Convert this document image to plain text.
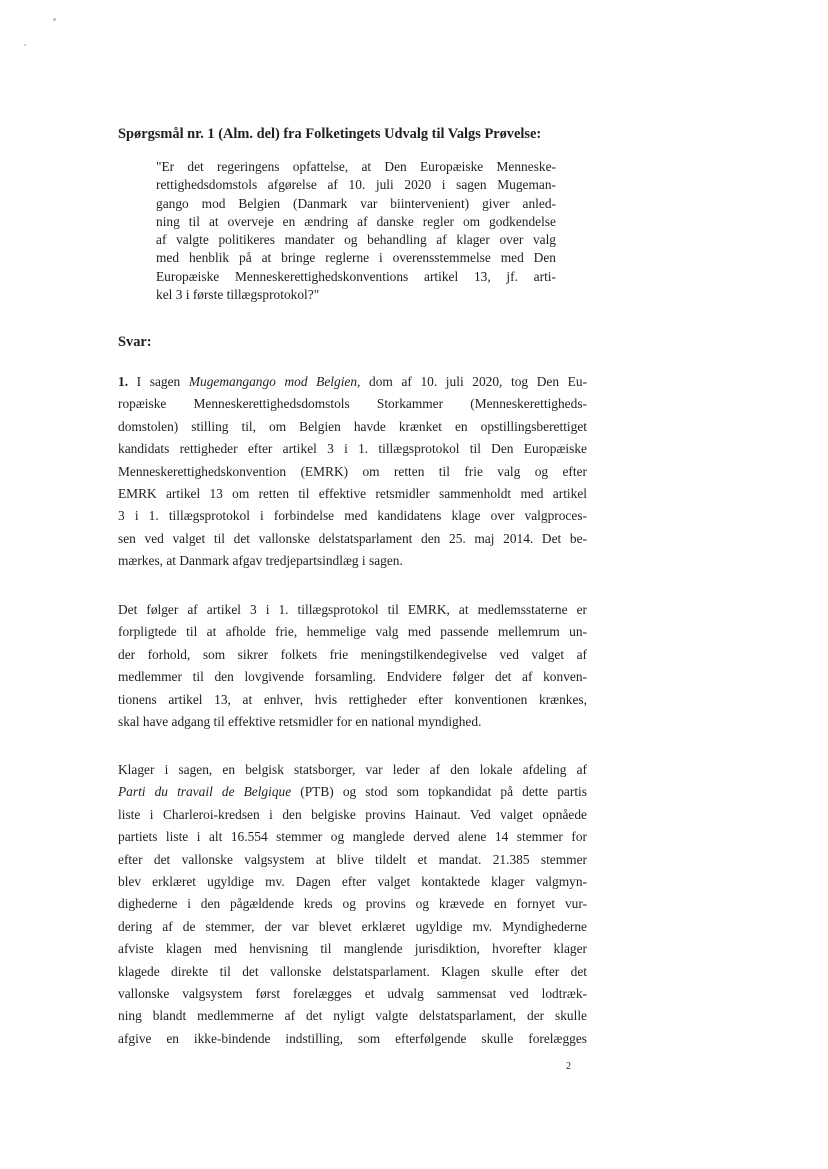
Spørgsmål nr. 1 (Alm. del) fra Folketingets Udvalg til Valgs Prøvelse:
"Er det regeringens opfattelse, at Den Europæiske Menneske-
rettighedsdomstols afgørelse af 10. juli 2020 i sagen Mugeman-
gango mod Belgien (Danmark var biintervenient) giver anled-
ning til at overveje en ændring af danske regler om godkendelse
af valgte politikeres mandater og behandling af klager over valg
med henblik på at bringe reglerne i overensstemmelse med Den
Europæiske Menneskerettighedskonventions artikel 13, jf. arti-
kel 3 i første tillægsprotokol?"
Svar:
1. I sagen Mugemangango mod Belgien, dom af 10. juli 2020, tog Den Eu-
ropæiske Menneskerettighedsdomstols Storkammer (Menneskerettigheds-
domstolen) stilling til, om Belgien havde krænket en opstillingsberettiget
kandidats rettigheder efter artikel 3 i 1. tillægsprotokol til Den Europæiske
Menneskerettighedskonvention (EMRK) om retten til frie valg og efter
EMRK artikel 13 om retten til effektive retsmidler sammenholdt med artikel
3 i 1. tillægsprotokol i forbindelse med kandidatens klage over valgproces-
sen ved valget til det vallonske delstatsparlament den 25. maj 2014. Det be-
mærkes, at Danmark afgav tredjepartsindlæg i sagen.
Det følger af artikel 3 i 1. tillægsprotokol til EMRK, at medlemsstaterne er
forpligtede til at afholde frie, hemmelige valg med passende mellemrum un-
der forhold, som sikrer folkets frie meningstilkendegivelse ved valget af
medlemmer til den lovgivende forsamling. Endvidere følger det af konven-
tionens artikel 13, at enhver, hvis rettigheder efter konventionen krænkes,
skal have adgang til effektive retsmidler for en national myndighed.
Klager i sagen, en belgisk statsborger, var leder af den lokale afdeling af
Parti du travail de Belgique (PTB) og stod som topkandidat på dette partis
liste i Charleroi-kredsen i den belgiske provins Hainaut. Ved valget opnåede
partiets liste i alt 16.554 stemmer og manglede derved alene 14 stemmer for
efter det vallonske valgsystem at blive tildelt et mandat. 21.385 stemmer
blev erklæret ugyldige mv. Dagen efter valget kontaktede klager valgmyn-
dighederne i den pågældende kreds og provins og krævede en fornyet vur-
dering af de stemmer, der var blevet erklæret ugyldige mv. Myndighederne
afviste klagen med henvisning til manglende jurisdiktion, hvorefter klager
klagede direkte til det vallonske delstatsparlament. Klagen skulle efter det
vallonske valgsystem først forelægges et udvalg sammensat ved lodtræk-
ning blandt medlemmerne af det nyligt valgte delstatsparlament, der skulle
afgive en ikke-bindende indstilling, som efterfølgende skulle forelægges
2
